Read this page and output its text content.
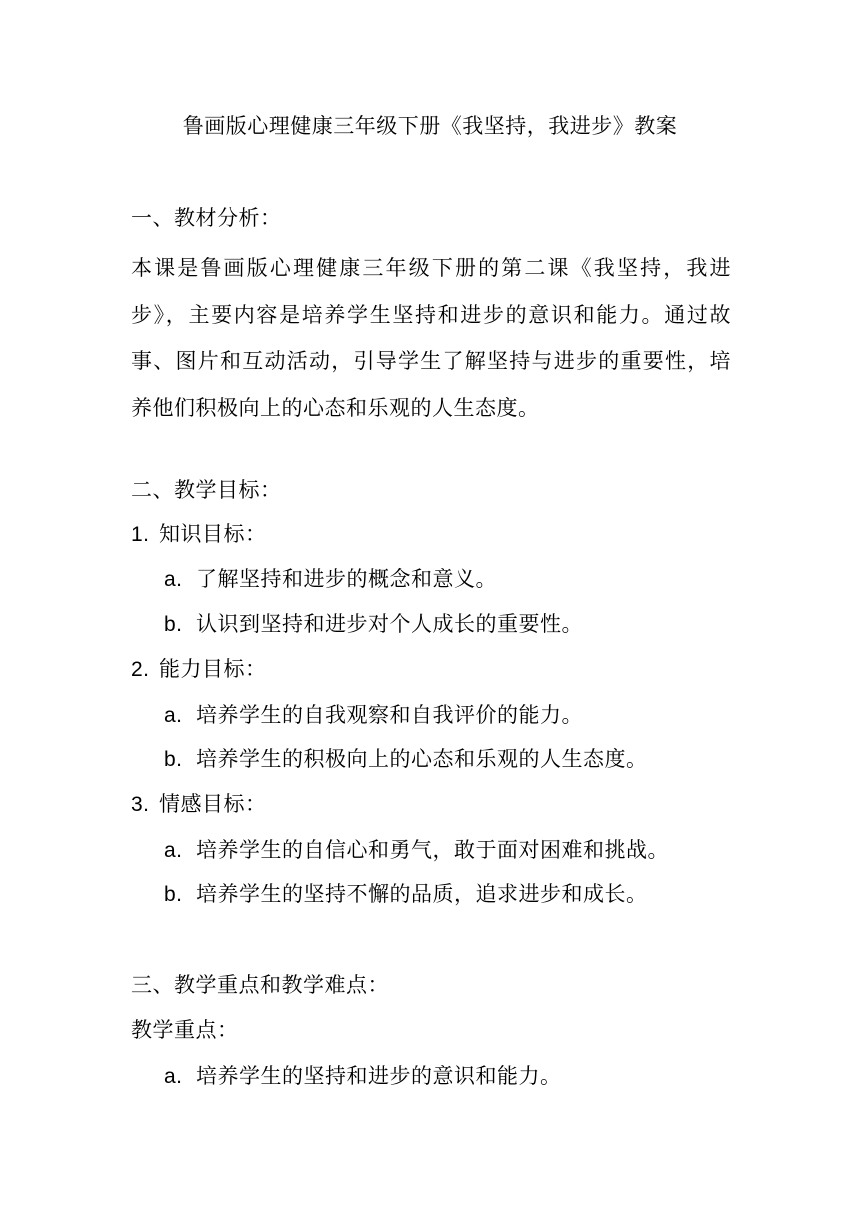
鲁画版心理健康三年级下册《我坚持，我进步》教案
一、教材分析：
本课是鲁画版心理健康三年级下册的第二课《我坚持，我进步》，主要内容是培养学生坚持和进步的意识和能力。通过故事、图片和互动活动，引导学生了解坚持与进步的重要性，培养他们积极向上的心态和乐观的人生态度。
二、教学目标：
1. 知识目标：
a. 了解坚持和进步的概念和意义。
b. 认识到坚持和进步对个人成长的重要性。
2. 能力目标：
a. 培养学生的自我观察和自我评价的能力。
b. 培养学生的积极向上的心态和乐观的人生态度。
3. 情感目标：
a. 培养学生的自信心和勇气，敢于面对困难和挑战。
b. 培养学生的坚持不懈的品质，追求进步和成长。
三、教学重点和教学难点：
教学重点：
a. 培养学生的坚持和进步的意识和能力。
